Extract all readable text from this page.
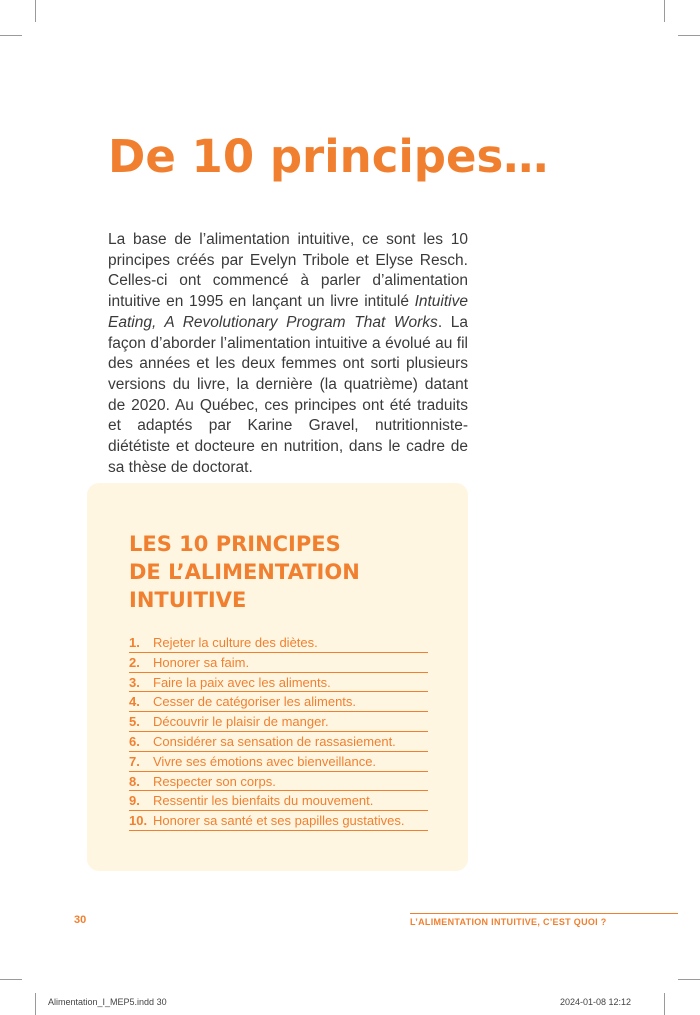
De 10 principes…

La base de l’alimentation intuitive, ce sont les 10 principes créés par Evelyn Tribole et Elyse Resch. Celles-ci ont commencé à parler d’alimentation intuitive en 1995 en lançant un livre intitulé Intuitive Eating, A Revolutionary Program That Works. La façon d’aborder l’alimentation intuitive a évolué au fil des années et les deux femmes ont sorti plusieurs versions du livre, la dernière (la quatrième) datant de 2020. Au Québec, ces principes ont été traduits et adaptés par Karine Gravel, nutritionniste-diététiste et docteure en nutrition, dans le cadre de sa thèse de doctorat.

LES 10 PRINCIPES
DE L’ALIMENTATION
INTUITIVE
1.	Rejeter la culture des diètes.
2.	Honorer sa faim.
3.	Faire la paix avec les aliments.
4.	Cesser de catégoriser les aliments.
5.	Découvrir le plaisir de manger.
6.	Considérer sa sensation de rassasiement.
7.	Vivre ses émotions avec bienveillance.
8.	Respecter son corps.
9.	Ressentir les bienfaits du mouvement.
10. Honorer sa santé et ses papilles gustatives.
30	L’ALIMENTATION INTUITIVE, C’EST QUOI ?
Alimentation_I_MEP5.indd 30	2024-01-08 12:12
